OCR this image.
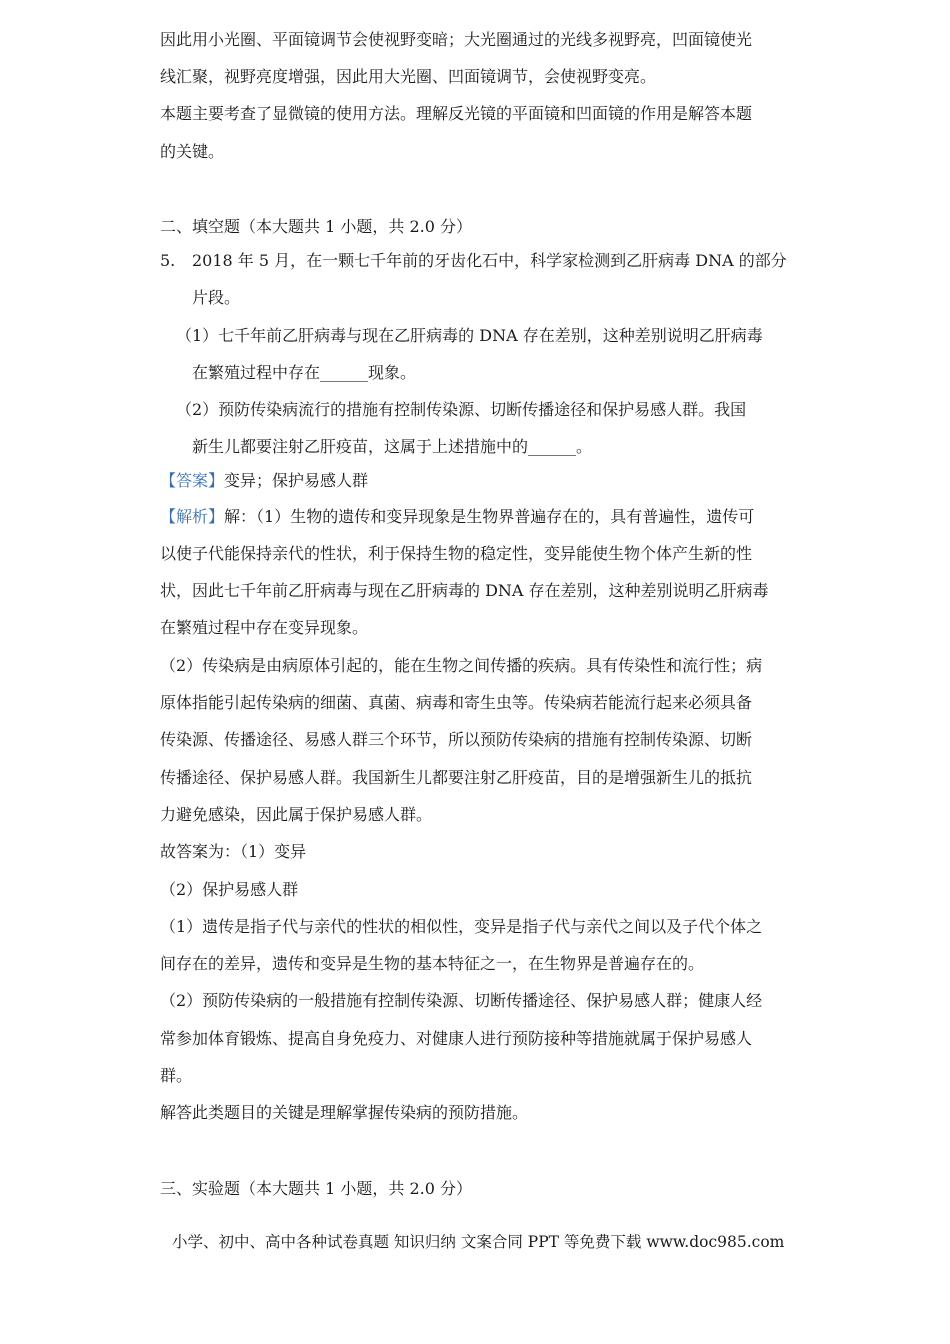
因此用小光圈、平面镜调节会使视野变暗；大光圈通过的光线多视野亮，凹面镜使光
线汇聚，视野亮度增强，因此用大光圈、凹面镜调节，会使视野变亮。
本题主要考查了显微镜的使用方法。理解反光镜的平面镜和凹面镜的作用是解答本题
的关键。
二、填空题（本大题共 1 小题，共 2.0 分）
5. 2018 年 5 月，在一颗七千年前的牙齿化石中，科学家检测到乙肝病毒 DNA 的部分
片段。
（1）七千年前乙肝病毒与现在乙肝病毒的 DNA 存在差别，这种差别说明乙肝病毒
在繁殖过程中存在______现象。
（2）预防传染病流行的措施有控制传染源、切断传播途径和保护易感人群。我国
新生儿都要注射乙肝疫苗，这属于上述措施中的______。
【答案】变异；保护易感人群
【解析】解：（1）生物的遗传和变异现象是生物界普遍存在的，具有普遍性，遗传可
以使子代能保持亲代的性状，利于保持生物的稳定性，变异能使生物个体产生新的性
状，因此七千年前乙肝病毒与现在乙肝病毒的 DNA 存在差别，这种差别说明乙肝病毒
在繁殖过程中存在变异现象。
（2）传染病是由病原体引起的，能在生物之间传播的疾病。具有传染性和流行性；病
原体指能引起传染病的细菌、真菌、病毒和寄生虫等。传染病若能流行起来必须具备
传染源、传播途径、易感人群三个环节，所以预防传染病的措施有控制传染源、切断
传播途径、保护易感人群。我国新生儿都要注射乙肝疫苗，目的是增强新生儿的抵抗
力避免感染，因此属于保护易感人群。
故答案为：（1）变异
（2）保护易感人群
（1）遗传是指子代与亲代的性状的相似性，变异是指子代与亲代之间以及子代个体之
间存在的差异，遗传和变异是生物的基本特征之一，在生物界是普遍存在的。
（2）预防传染病的一般措施有控制传染源、切断传播途径、保护易感人群；健康人经
常参加体育锻炼、提高自身免疫力、对健康人进行预防接种等措施就属于保护易感人
群。
解答此类题目的关键是理解掌握传染病的预防措施。
三、实验题（本大题共 1 小题，共 2.0 分）
小学、初中、高中各种试卷真题 知识归纳 文案合同 PPT 等免费下载 www.doc985.com
